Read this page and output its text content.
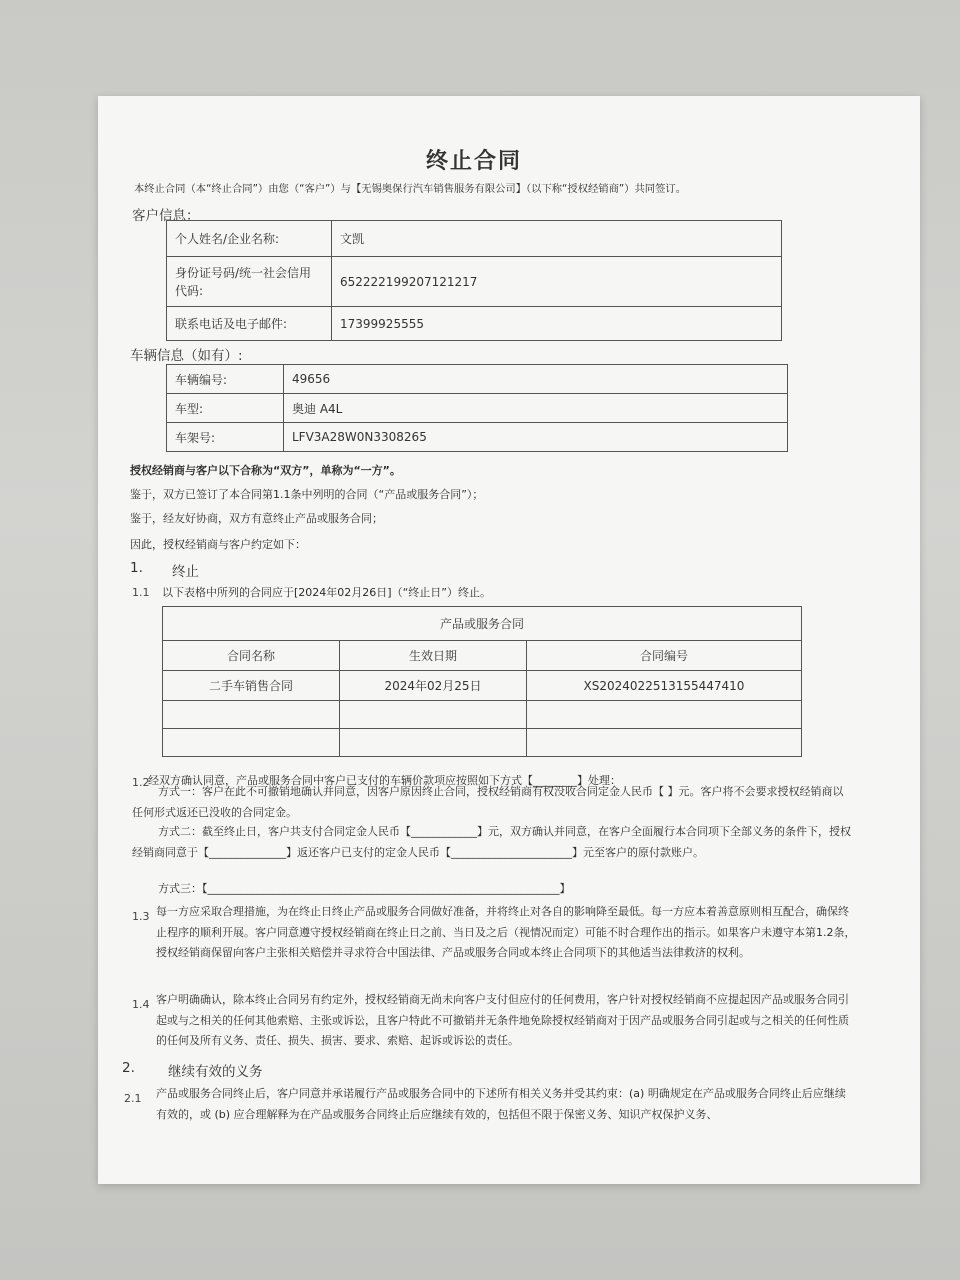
终止合同
本终止合同（本“终止合同”）由您（“客户”）与【无锡奥保行汽车销售服务有限公司】（以下称“授权经销商”）共同签订。
客户信息：
个人姓名/企业名称:	文凯
身份证号码/统一社会信用代码:	652222199207121217
联系电话及电子邮件:	17399925555
车辆信息（如有）:
车辆编号:	49656
车型:	奥迪 A4L
车架号:	LFV3A28W0N3308265
授权经销商与客户以下合称为“双方”，单称为“一方”。
鉴于，双方已签订了本合同第1.1条中列明的合同（“产品或服务合同”）；
鉴于，经友好协商，双方有意终止产品或服务合同；
因此，授权经销商与客户约定如下：
1. 终止
1.1 以下表格中所列的合同应于[2024年02月26日]（“终止日”）终止。
产品或服务合同		
合同名称	生效日期	合同编号
二手车销售合同	2024年02月25日	XS2024022513155447410

1.2
经双方确认同意，产品或服务合同中客户已支付的车辆价款项应按照如下方式【________】处理：
方式一：客户在此不可撤销地确认并同意，因客户原因终止合同，授权经销商有权没收合同定金人民币【 】元。客户将不会要求授权经销商以任何形式返还已没收的合同定金。
方式二：截至终止日，客户共支付合同定金人民币【____________】元，双方确认并同意，在客户全面履行本合同项下全部义务的条件下，授权经销商同意于【______________】返还客户已支付的定金人民币【______________________】元至客户的原付款账户。
方式三：【________________________________________________________________】
1.3 每一方应采取合理措施，为在终止日终止产品或服务合同做好准备，并将终止对各自的影响降至最低。每一方应本着善意原则相互配合，确保终止程序的顺利开展。客户同意遵守授权经销商在终止日之前、当日及之后（视情况而定）可能不时合理作出的指示。如果客户未遵守本第1.2条，授权经销商保留向客户主张相关赔偿并寻求符合中国法律、产品或服务合同或本终止合同项下的其他适当法律救济的权利。
1.4 客户明确确认，除本终止合同另有约定外，授权经销商无尚未向客户支付但应付的任何费用，客户针对授权经销商不应提起因产品或服务合同引起或与之相关的任何其他索赔、主张或诉讼，且客户特此不可撤销并无条件地免除授权经销商对于因产品或服务合同引起或与之相关的任何性质的任何及所有义务、责任、损失、损害、要求、索赔、起诉或诉讼的责任。
2. 继续有效的义务
2.1 产品或服务合同终止后，客户同意并承诺履行产品或服务合同中的下述所有相关义务并受其约束：(a) 明确规定在产品或服务合同终止后应继续有效的，或 (b) 应合理解释为在产品或服务合同终止后应继续有效的，包括但不限于保密义务、知识产权保护义务、
